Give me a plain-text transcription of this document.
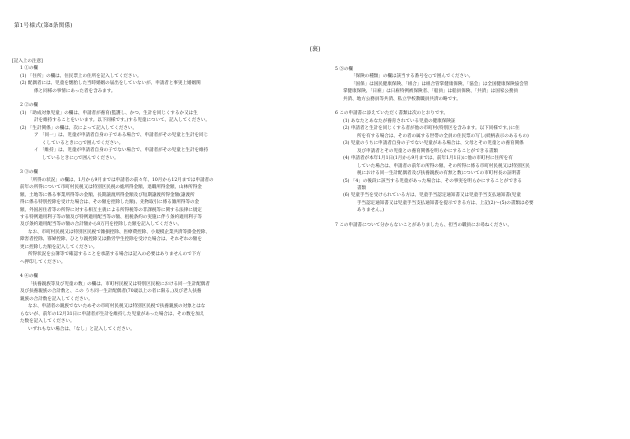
第1号様式(第8条関係)
(裏)

[記入上の注意]

1 ①の欄

(1) 「住所」の欄は、住民票上の住所を記入してください。

(2) 配偶者には、児童を懐胎した当時婚姻の届出をしていないが、申請者と事実上婚姻関

係と同様の事情にあった者を含みます。

2 ②の欄

(1) 「助成対象児童」の欄は、申請者が養育(監護し、かつ、生計を同じくするか又は生

計を維持することをいいます。以下同様です。)する児童について、記入してください。

(2) 「生計関係」の欄は、次によって記入してください。

ア 「同一」は、児童が申請者自身の子である場合で、申請者がその児童と生計を同じ

くしているときに○で囲んでください。

イ 「維持」は、児童が申請者自身の子でない場合で、申請者がその児童と生計を維持

しているときに○で囲んでください。

3 ③の欄

「所得の状況」の欄は、1月から9月までは申請者の前々年、10月から12月までは申請者の

前年の所得について市町村民税又は特別区民税の総所得金額、退職所得金額、山林所得金

額、土地等に係る事業所得等の金額、長期譲渡所得金額及び短期譲渡所得金額(譲渡所

得に係る特別控除を受けた場合は、その額を控除した額)、先物取引に係る雑所得等の金

額、外国居住者等の所得に対する相互主義による所得税等の非課税等に関する法律に規定

する特例適用利子等の額及び特例適用配当等の額、租税条約の実施に伴う条約適用利子等

及び条約適用配当等の額の合計額から8万円を控除した額を記入してください。

なお、市町村民税又は特別区民税で雑損控除、医療費控除、小規模企業共済等掛金控除、

障害者控除、寡婦控除、ひとり親控除又は勤労学生控除を受けた場合は、それぞれの額を

更に控除した額を記入してください。

所得状況を公簿等で確認することを承諾する場合は記入の必要はありませんので下方

へ押印してください。

4 ④の欄

「扶養親族等及び児童の数」の欄は、市町村民税又は特別区民税における同一生計配偶者

及び扶養親族の合計数と、この うち同一生計配偶者(70歳以上の者に限る。)及び老人扶養

親族の合計数を記入してください。

なお、申請者の親族でないためその市町村民税又は特別区民税で扶養親族の対象とはな

らないが、前年の12月31日に申請者が生計を維持した児童があった場合は、その数を加え

た数を記入してください。

いずれもない場合は、「なし」と記入してください。

5 ⑤の欄

「保険の種類」の欄は該当する番号を○で囲んでください。

「国保」は国民健康保険、「組合」は組合管掌健康保険、「協会」は全国健康保険協会管

掌健康保険、「日雇」は日雇特例被保険者、「船員」は船員保険、「共済」は国家公務員

共済、地方公務員等共済、私立学校教職員共済の略です。

6 この申請書に添えていただく書類は次のとおりです。

(1) あなたとあなたが養育されている児童の健康保険証

(2) 申請者と生計を同じくする者が他の市町村(特別区を含みます。以下同様です。)に住

所を有する場合は、その者の属する世帯の全員の住民票の写し(続柄表示のあるもの)

(3) 児童のうちに申請者自身の子でない児童がある場合は、父母とその児童との養育関係

及び申請者とその児童との養育関係を明らかにすることができる書類

(4) 申請者が本年1月1日(1月から9月までは、前年1月1日)に他の市町村に住所を有

していた場合は、申請者の前年の所得の額、その所得に係る市町村民税又は特別区民

税における同一生計配偶者及び扶養親族の有無と数についての市町村長の証明書

(5) 「4」の後段に該当する児童があった場合は、その事実を明らかにすることができる

書類

(6) 児童手当を受けられている方は、児童手当認定通知書又は児童手当支払通知書(児童

手当認定通知書又は児童手当支払通知書を提示できる方は、上記(2)〜(5)の書類は必要

ありません。)

7 この申請書について分からないことがありましたら、担当の職員にお尋ねください。
